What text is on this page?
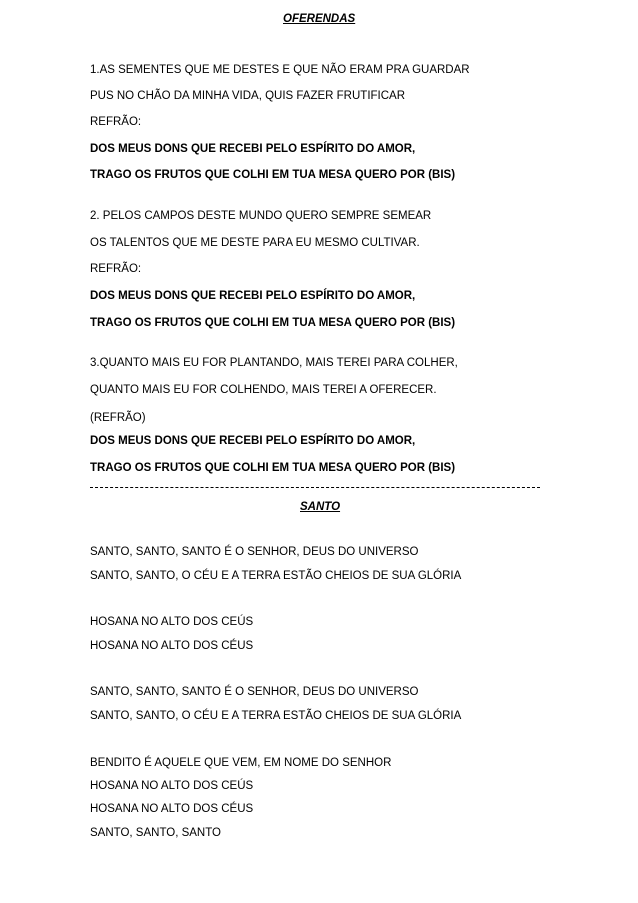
OFERENDAS
1.AS SEMENTES QUE ME DESTES E QUE NÃO ERAM PRA GUARDAR
PUS NO CHÃO DA MINHA VIDA, QUIS FAZER FRUTIFICAR
REFRÃO:
DOS MEUS DONS QUE RECEBI PELO ESPÍRITO DO AMOR,
TRAGO OS FRUTOS QUE COLHI EM TUA MESA QUERO POR (BIS)
2. PELOS CAMPOS DESTE MUNDO QUERO SEMPRE SEMEAR
OS TALENTOS QUE ME DESTE PARA EU MESMO CULTIVAR.
REFRÃO:
DOS MEUS DONS QUE RECEBI PELO ESPÍRITO DO AMOR,
TRAGO OS FRUTOS QUE COLHI EM TUA MESA QUERO POR (BIS)
3.QUANTO MAIS EU FOR PLANTANDO, MAIS TEREI PARA COLHER,
QUANTO MAIS EU FOR COLHENDO, MAIS TEREI A OFERECER.
(REFRÃO)
DOS MEUS DONS QUE RECEBI PELO ESPÍRITO DO AMOR,
TRAGO OS FRUTOS QUE COLHI EM TUA MESA QUERO POR (BIS)
SANTO
SANTO, SANTO, SANTO É O SENHOR, DEUS DO UNIVERSO
SANTO, SANTO, O CÉU E A TERRA ESTÃO CHEIOS DE SUA GLÓRIA
HOSANA NO ALTO DOS CEÚS
HOSANA NO ALTO DOS CÉUS
SANTO, SANTO, SANTO É O SENHOR, DEUS DO UNIVERSO
SANTO, SANTO, O CÉU E A TERRA ESTÃO CHEIOS DE SUA GLÓRIA
BENDITO É AQUELE QUE VEM, EM NOME DO SENHOR
HOSANA NO ALTO DOS CEÚS
HOSANA NO ALTO DOS CÉUS
SANTO, SANTO, SANTO
